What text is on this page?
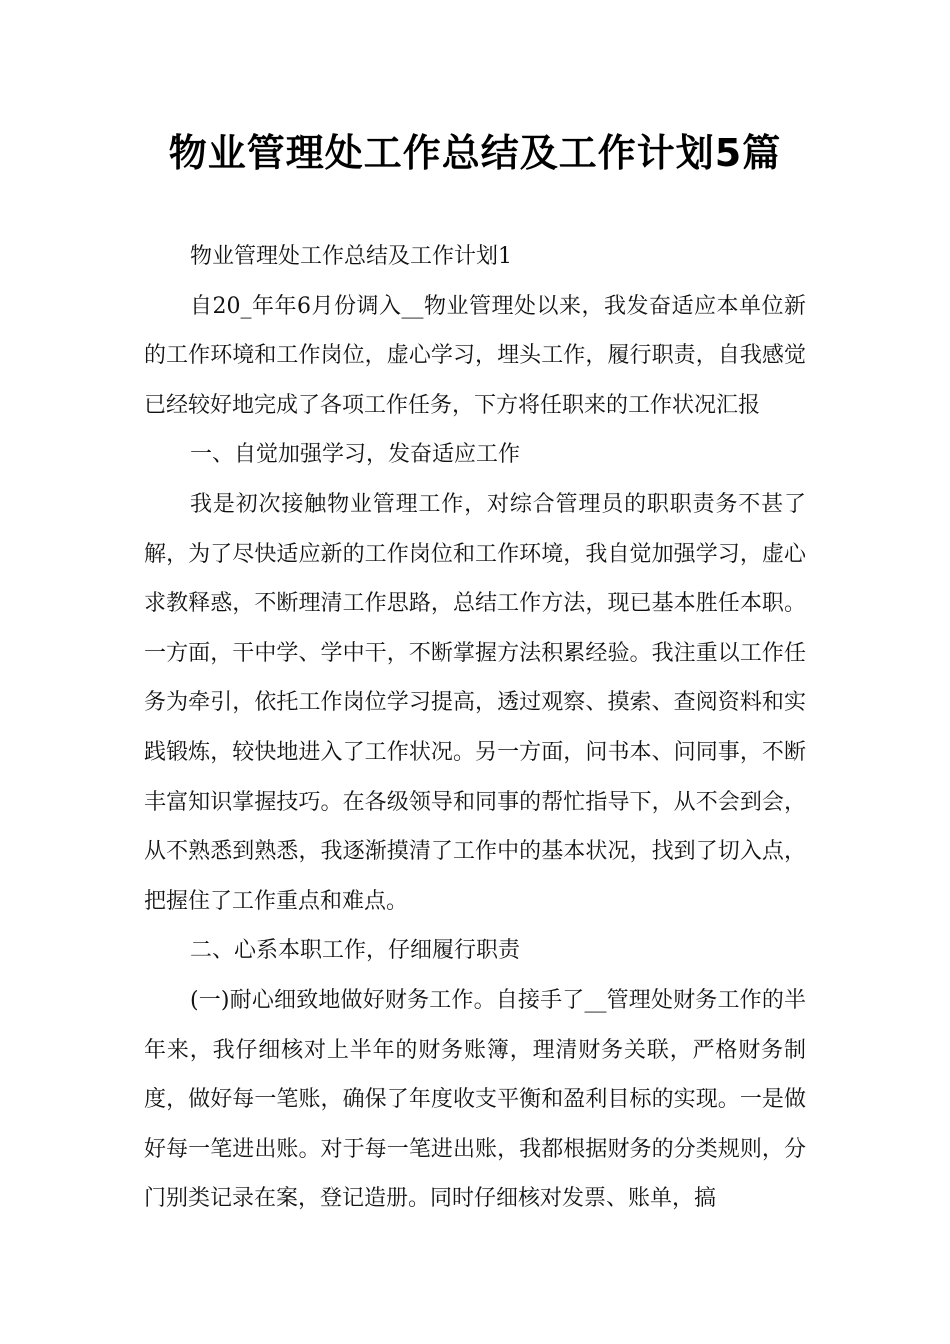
物业管理处工作总结及工作计划5篇

物业管理处工作总结及工作计划1

自20_年年6月份调入__物业管理处以来，我发奋适应本单位新的工作环境和工作岗位，虚心学习，埋头工作，履行职责，自我感觉已经较好地完成了各项工作任务，下方将任职来的工作状况汇报

一、自觉加强学习，发奋适应工作

我是初次接触物业管理工作，对综合管理员的职职责务不甚了解，为了尽快适应新的工作岗位和工作环境，我自觉加强学习，虚心求教释惑，不断理清工作思路，总结工作方法，现已基本胜任本职。一方面，干中学、学中干，不断掌握方法积累经验。我注重以工作任务为牵引，依托工作岗位学习提高，透过观察、摸索、查阅资料和实践锻炼，较快地进入了工作状况。另一方面，问书本、问同事，不断丰富知识掌握技巧。在各级领导和同事的帮忙指导下，从不会到会，从不熟悉到熟悉，我逐渐摸清了工作中的基本状况，找到了切入点，把握住了工作重点和难点。

二、心系本职工作，仔细履行职责

(一)耐心细致地做好财务工作。自接手了__管理处财务工作的半年来，我仔细核对上半年的财务账簿，理清财务关联，严格财务制度，做好每一笔账，确保了年度收支平衡和盈利目标的实现。一是做好每一笔进出账。对于每一笔进出账，我都根据财务的分类规则，分门别类记录在案，登记造册。同时仔细核对发票、账单，搞
